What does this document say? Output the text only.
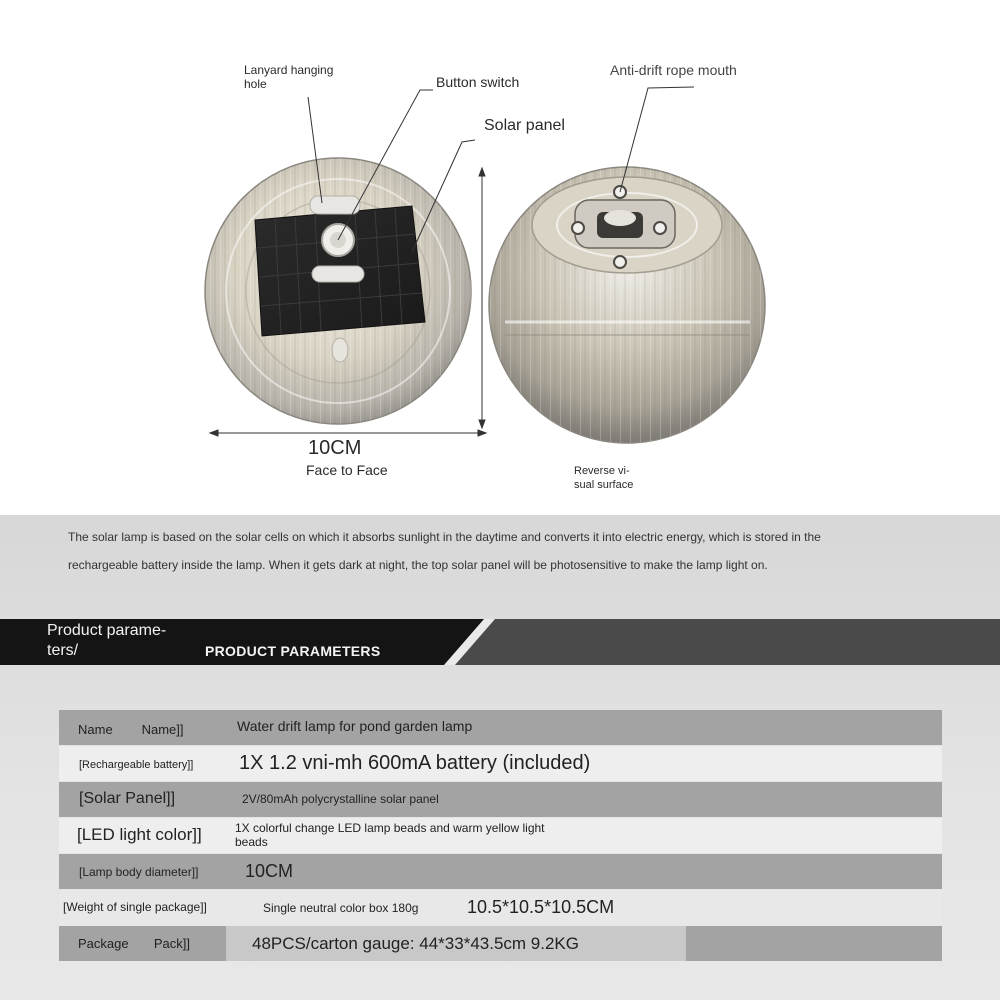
Lanyard hanging
hole	Button switch
Solar panel
Anti-drift rope mouth
10CM
Face to Face	Reverse vi-
sual surface

The solar lamp is based on the solar cells on which it absorbs sunlight in the daytime and converts it into electric energy, which is stored in the

rechargeable battery inside the lamp. When it gets dark at night, the top solar panel will be photosensitive to make the lamp light on.

Product parame-
ters/	PRODUCT PARAMETERS
Name        Name]]	Water drift lamp for pond garden lamp
[Rechargeable battery]] 1X 1.2 vni-mh 600mA battery (included)
[Solar Panel]]	2V/80mAh polycrystalline solar panel
[LED light color]]	1X colorful change LED lamp beads and warm yellow light
beads
[Lamp body diameter]]	10CM
[Weight of single package]]	Single neutral color box 180g	10.5*10.5*10.5CM
Package       Pack]]	48PCS/carton gauge: 44*33*43.5cm 9.2KG
